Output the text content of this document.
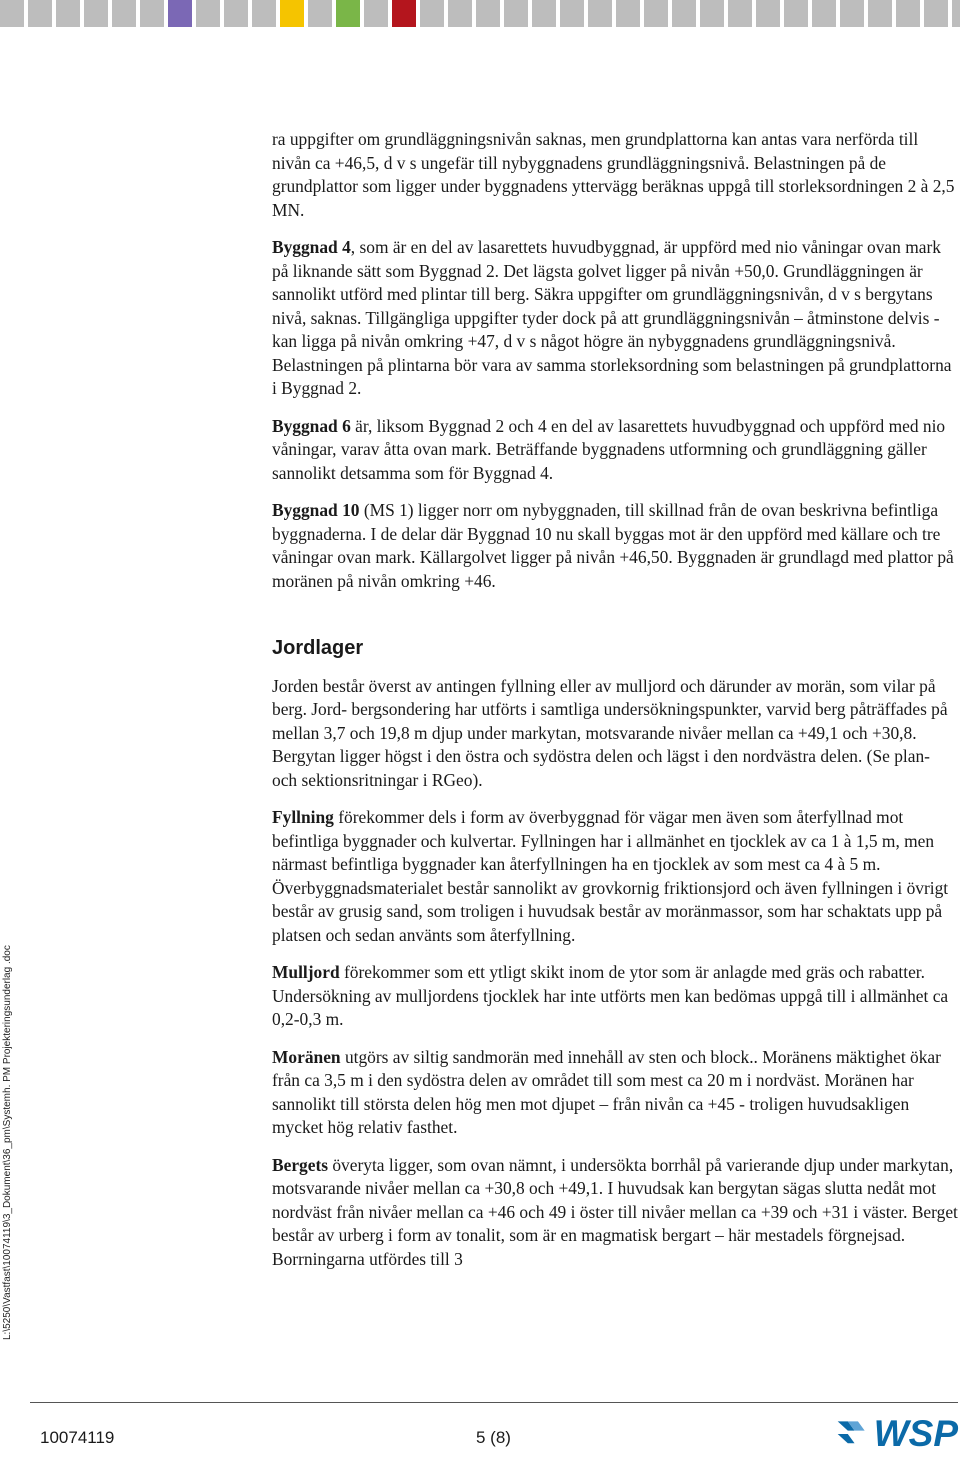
ra uppgifter om grundläggningsnivån saknas, men grundplattorna kan antas vara nerförda till nivån ca +46,5, d v s ungefär till nybyggnadens grundläggningsnivå. Belastningen på de grundplattor som ligger under byggnadens yttervägg beräknas uppgå till storleksordningen 2 à 2,5 MN.

Byggnad 4, som är en del av lasarettets huvudbyggnad, är uppförd med nio våningar ovan mark på liknande sätt som Byggnad 2. Det lägsta golvet ligger på nivån +50,0. Grundläggningen är sannolikt utförd med plintar till berg. Säkra uppgifter om grundläggningsnivån, d v s bergytans nivå, saknas. Tillgängliga uppgifter tyder dock på att grundläggningsnivån – åtminstone delvis - kan ligga på nivån omkring +47, d v s något högre än nybyggnadens grundläggningsnivå. Belastningen på plintarna bör vara av samma storleksordning som belastningen på grundplattorna i Byggnad 2.

Byggnad 6 är, liksom Byggnad 2 och 4 en del av lasarettets huvudbyggnad och uppförd med nio våningar, varav åtta ovan mark. Beträffande byggnadens utformning och grundläggning gäller sannolikt detsamma som för Byggnad 4.

Byggnad 10 (MS 1) ligger norr om nybyggnaden, till skillnad från de ovan beskrivna befintliga byggnaderna. I de delar där Byggnad 10 nu skall byggas mot är den uppförd med källare och tre våningar ovan mark. Källargolvet ligger på nivån +46,50. Byggnaden är grundlagd med plattor på moränen på nivån omkring +46.

Jordlager

Jorden består överst av antingen fyllning eller av mulljord och därunder av morän, som vilar på berg. Jord- bergsondering har utförts i samtliga undersökningspunkter, varvid berg påträffades på mellan 3,7 och 19,8 m djup under markytan, motsvarande nivåer mellan ca +49,1 och +30,8. Bergytan ligger högst i den östra och sydöstra delen och lägst i den nordvästra delen. (Se plan- och sektionsritningar i RGeo).

Fyllning förekommer dels i form av överbyggnad för vägar men även som återfyllnad mot befintliga byggnader och kulvertar. Fyllningen har i allmänhet en tjocklek av ca 1 à 1,5 m, men närmast befintliga byggnader kan återfyllningen ha en tjocklek av som mest ca 4 à 5 m. Överbyggnadsmaterialet består sannolikt av grovkornig friktionsjord och även fyllningen i övrigt består av grusig sand, som troligen i huvudsak består av moränmassor, som har schaktats upp på platsen och sedan använts som återfyllning.

Mulljord förekommer som ett ytligt skikt inom de ytor som är anlagde med gräs och rabatter. Undersökning av mulljordens tjocklek har inte utförts men kan bedömas uppgå till i allmänhet ca 0,2-0,3 m.

Moränen utgörs av siltig sandmorän med innehåll av sten och block.. Moränens mäktighet ökar från ca 3,5 m i den sydöstra delen av området till som mest ca 20 m i nordväst. Moränen har sannolikt till största delen hög men mot djupet – från nivån ca +45 - troligen huvudsakligen mycket hög relativ fasthet.

Bergets överyta ligger, som ovan nämnt, i undersökta borrhål på varierande djup under markytan, motsvarande nivåer mellan ca +30,8 och +49,1. I huvudsak kan bergytan sägas slutta nedåt mot nordväst från nivåer mellan ca +46 och 49 i öster till nivåer mellan ca +39 och +31 i väster. Berget består av urberg i form av tonalit, som är en magmatisk bergart – här mestadels förgnejsad. Borrningarna utfördes till 3

L:\5250\Vastfast\10074119\3_Dokument\36_pm\Systemh. PM Projekteringsunderlag .doc
10074119	5 (8)	WSP
